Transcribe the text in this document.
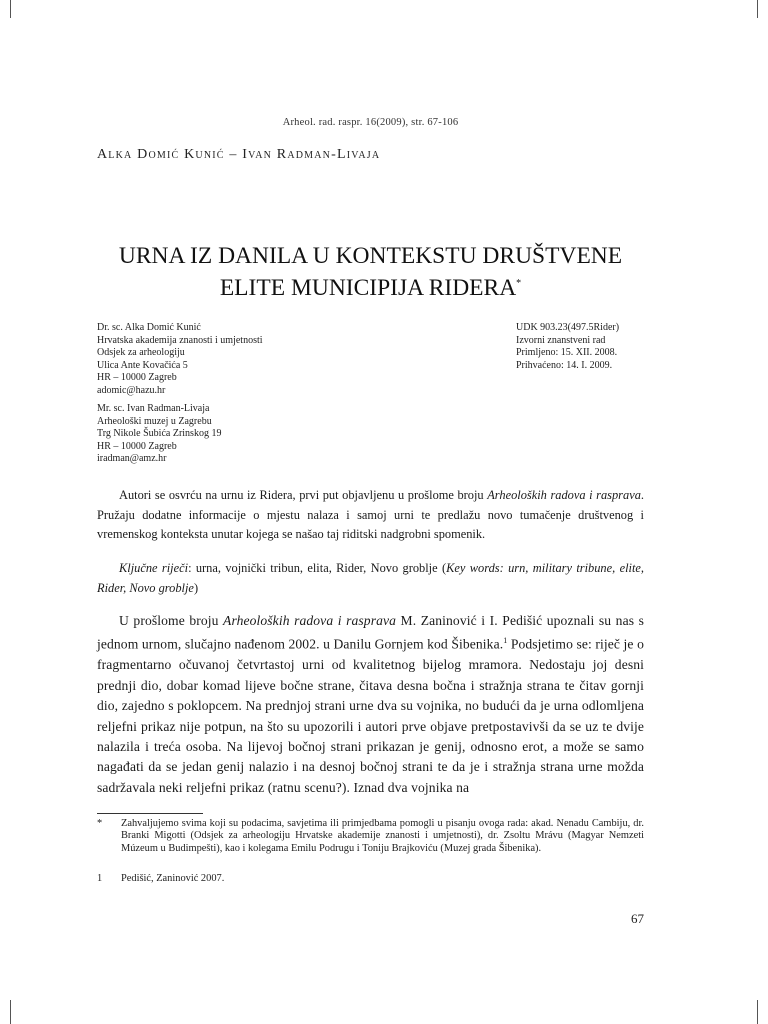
Arheol. rad. raspr. 16(2009), str. 67-106
Alka Domić Kunić – Ivan Radman-Livaja
URNA IZ DANILA U KONTEKSTU DRUŠTVENE
ELITE MUNICIPIJA RIDERA*
Dr. sc. Alka Domić Kunić
Hrvatska akademija znanosti i umjetnosti
Odsjek za arheologiju
Ulica Ante Kovačića 5
HR – 10000 Zagreb
adomic@hazu.hr
Mr. sc. Ivan Radman-Livaja
Arheološki muzej u Zagrebu
Trg Nikole Šubića Zrinskog 19
HR – 10000 Zagreb
iradman@amz.hr
UDK 903.23(497.5Rider)
Izvorni znanstveni rad
Primljeno: 15. XII. 2008.
Prihvaćeno: 14. I. 2009.

Autori se osvrću na urnu iz Ridera, prvi put objavljenu u prošlome broju Arheoloških radova i rasprava. Pružaju dodatne informacije o mjestu nalaza i samoj urni te predlažu novo tumačenje društvenog i vremenskog konteksta unutar kojega se našao taj riditski nadgrobni spomenik.

Ključne riječi: urna, vojnički tribun, elita, Rider, Novo groblje (Key words: urn, military tribune, elite, Rider, Novo groblje)

U prošlome broju Arheoloških radova i rasprava M. Zaninović i I. Pedišić upoznali su nas s jednom urnom, slučajno nađenom 2002. u Danilu Gornjem kod Šibenika.$^1$ Podsjetimo se: riječ je o fragmentarno očuvanoj četvrtastoj urni od kvalitetnog bijelog mramora. Nedostaju joj desni prednji dio, dobar komad lijeve bočne strane, čitava desna bočna i stražnja strana te čitav gornji dio, zajedno s poklopcem. Na prednjoj strani urne dva su vojnika, no budući da je urna odlomljena reljefni prikaz nije potpun, na što su upozorili i autori prve objave pretpostavivši da se uz te dvije nalazila i treća osoba. Na lijevoj bočnoj strani prikazan je genij, odnosno erot, a može se samo nagađati da se jedan genij nalazio i na desnoj bočnoj strani te da je i stražnja strana urne možda sadržavala neki reljefni prikaz (ratnu scenu?). Iznad dva vojnika na

*	Zahvaljujemo svima koji su podacima, savjetima ili primjedbama pomogli u pisanju ovoga rada: akad. Nenadu Cambiju, dr. Branki Migotti (Odsjek za arheologiju Hrvatske akademije znanosti i umjetnosti), dr. Zsoltu Mrávu (Magyar Nemzeti Múzeum u Budimpešti), kao i kolegama Emilu Podrugu i Toniju Brajkoviću (Muzej grada Šibenika).
1	Pedišić, Zaninović 2007.
67
